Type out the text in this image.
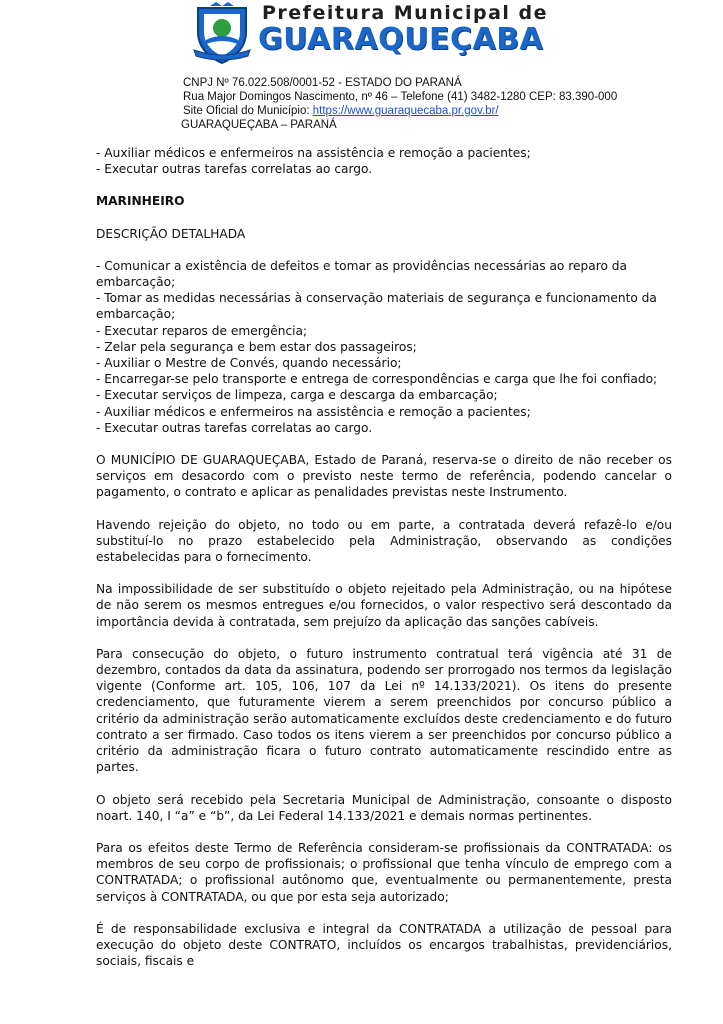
Prefeitura Municipal de
GUARAQUEÇABA
CNPJ Nº 76.022.508/0001-52 - ESTADO DO PARANÁ
Rua Major Domingos Nascimento, nº 46 – Telefone (41) 3482-1280 CEP: 83.390-000
Site Oficial do Município: https://www.guaraquecaba.pr.gov.br/
GUARAQUEÇABA – PARANÁ

- Auxiliar médicos e enfermeiros na assistência e remoção a pacientes;

- Executar outras tarefas correlatas ao cargo.

MARINHEIRO

DESCRIÇÃO DETALHADA

- Comunicar a existência de defeitos e tomar as providências necessárias ao reparo da embarcação;

- Tomar as medidas necessárias à conservação materiais de segurança e funcionamento da embarcação;

- Executar reparos de emergência;

- Zelar pela segurança e bem estar dos passageiros;

- Auxiliar o Mestre de Convés, quando necessário;

- Encarregar-se pelo transporte e entrega de correspondências e carga que lhe foi confiado;

- Executar serviços de limpeza, carga e descarga da embarcação;

- Auxiliar médicos e enfermeiros na assistência e remoção a pacientes;

- Executar outras tarefas correlatas ao cargo.

O MUNICÍPIO DE GUARAQUEÇABA, Estado de Paraná, reserva-se o direito de não receber os serviços em desacordo com o previsto neste termo de referência, podendo cancelar o pagamento, o contrato e aplicar as penalidades previstas neste Instrumento.

Havendo rejeição do objeto, no todo ou em parte, a contratada deverá refazê-lo e/ou substituí-lo no prazo estabelecido pela Administração, observando as condições estabelecidas para o fornecimento.

Na impossibilidade de ser substituído o objeto rejeitado pela Administração, ou na hipótese de não serem os mesmos entregues e/ou fornecidos, o valor respectivo será descontado da importância devida à contratada, sem prejuízo da aplicação das sanções cabíveis.

Para consecução do objeto, o futuro instrumento contratual terá vigência até 31 de dezembro, contados da data da assinatura, podendo ser prorrogado nos termos da legislação vigente (Conforme art. 105, 106, 107 da Lei nº 14.133/2021). Os itens do presente credenciamento, que futuramente vierem a serem preenchidos por concurso público a critério da administração serão automaticamente excluídos deste credenciamento e do futuro contrato a ser firmado. Caso todos os itens vierem a ser preenchidos por concurso público a critério da administração ficara o futuro contrato automaticamente rescindido entre as partes.

O objeto será recebido pela Secretaria Municipal de Administração, consoante o disposto noart. 140, I “a” e “b”, da Lei Federal 14.133/2021 e demais normas pertinentes.

Para os efeitos deste Termo de Referência consideram-se profissionais da CONTRATADA: os membros de seu corpo de profissionais; o profissional que tenha vínculo de emprego com a CONTRATADA; o profissional autônomo que, eventualmente ou permanentemente, presta serviços à CONTRATADA, ou que por esta seja autorizado;

É de responsabilidade exclusiva e integral da CONTRATADA a utilização de pessoal para execução do objeto deste CONTRATO, incluídos os encargos trabalhistas, previdenciários, sociais, fiscais e
